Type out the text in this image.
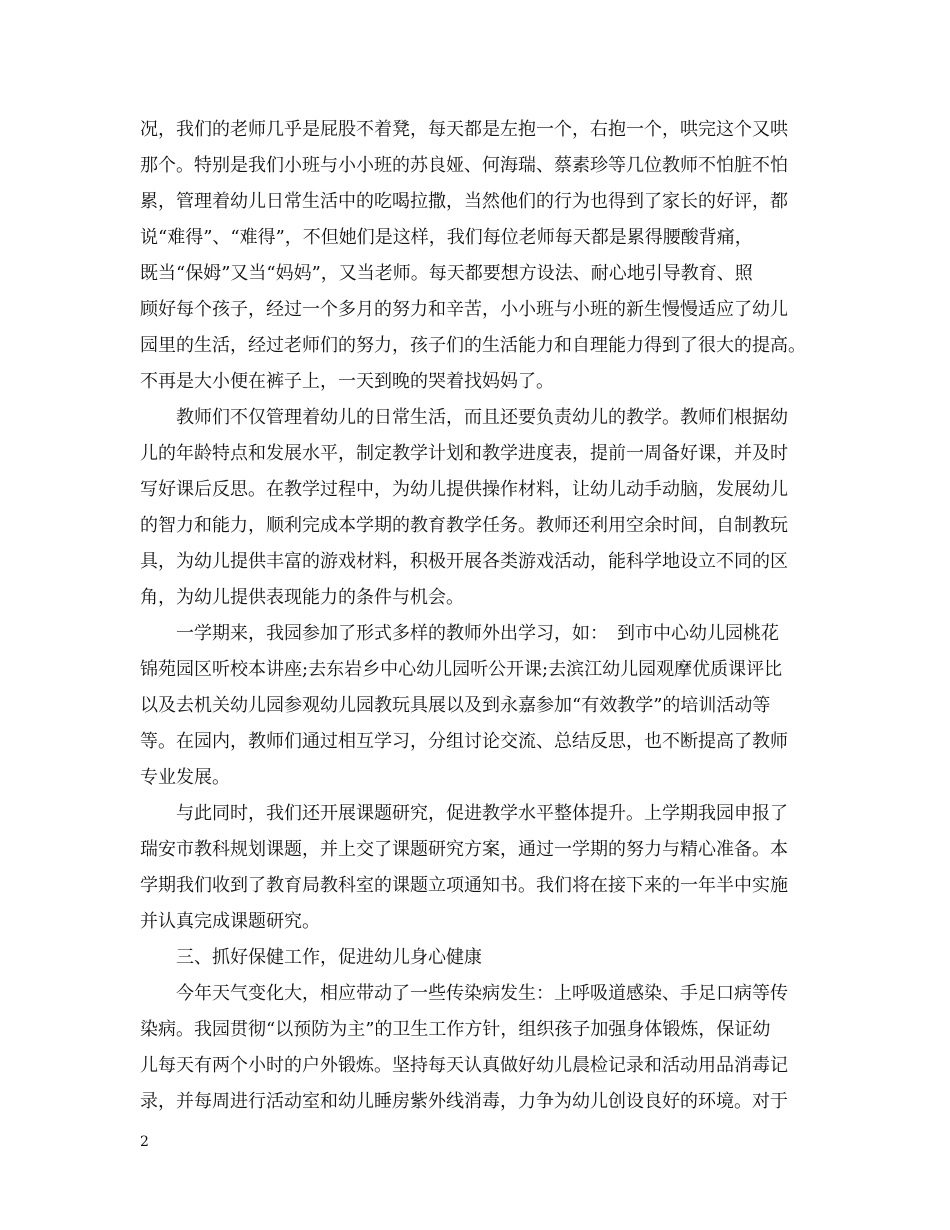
况，我们的老师几乎是屁股不着凳，每天都是左抱一个，右抱一个，哄完这个又哄
那个。特别是我们小班与小小班的苏良娅、何海瑞、蔡素珍等几位教师不怕脏不怕
累，管理着幼儿日常生活中的吃喝拉撒，当然他们的行为也得到了家长的好评，都
说“难得”、“难得”，不但她们是这样，我们每位老师每天都是累得腰酸背痛，
既当“保姆”又当“妈妈”，又当老师。每天都要想方设法、耐心地引导教育、照
顾好每个孩子，经过一个多月的努力和辛苦，小小班与小班的新生慢慢适应了幼儿
园里的生活，经过老师们的努力，孩子们的生活能力和自理能力得到了很大的提高。
不再是大小便在裤子上，一天到晚的哭着找妈妈了。
教师们不仅管理着幼儿的日常生活，而且还要负责幼儿的教学。教师们根据幼
儿的年龄特点和发展水平，制定教学计划和教学进度表，提前一周备好课，并及时
写好课后反思。在教学过程中，为幼儿提供操作材料，让幼儿动手动脑，发展幼儿
的智力和能力，顺利完成本学期的教育教学任务。教师还利用空余时间，自制教玩
具，为幼儿提供丰富的游戏材料，积极开展各类游戏活动，能科学地设立不同的区
角，为幼儿提供表现能力的条件与机会。
一学期来，我园参加了形式多样的教师外出学习，如：　到市中心幼儿园桃花
锦苑园区听校本讲座;去东岩乡中心幼儿园听公开课;去滨江幼儿园观摩优质课评比
以及去机关幼儿园参观幼儿园教玩具展以及到永嘉参加“有效教学”的培训活动等
等。在园内，教师们通过相互学习，分组讨论交流、总结反思，也不断提高了教师
专业发展。
与此同时，我们还开展课题研究，促进教学水平整体提升。上学期我园申报了
瑞安市教科规划课题，并上交了课题研究方案，通过一学期的努力与精心准备。本
学期我们收到了教育局教科室的课题立项通知书。我们将在接下来的一年半中实施
并认真完成课题研究。
三、抓好保健工作，促进幼儿身心健康
今年天气变化大，相应带动了一些传染病发生：上呼吸道感染、手足口病等传
染病。我园贯彻“以预防为主”的卫生工作方针，组织孩子加强身体锻炼，保证幼
儿每天有两个小时的户外锻炼。坚持每天认真做好幼儿晨检记录和活动用品消毒记
录，并每周进行活动室和幼儿睡房紫外线消毒，力争为幼儿创设良好的环境。对于
2
